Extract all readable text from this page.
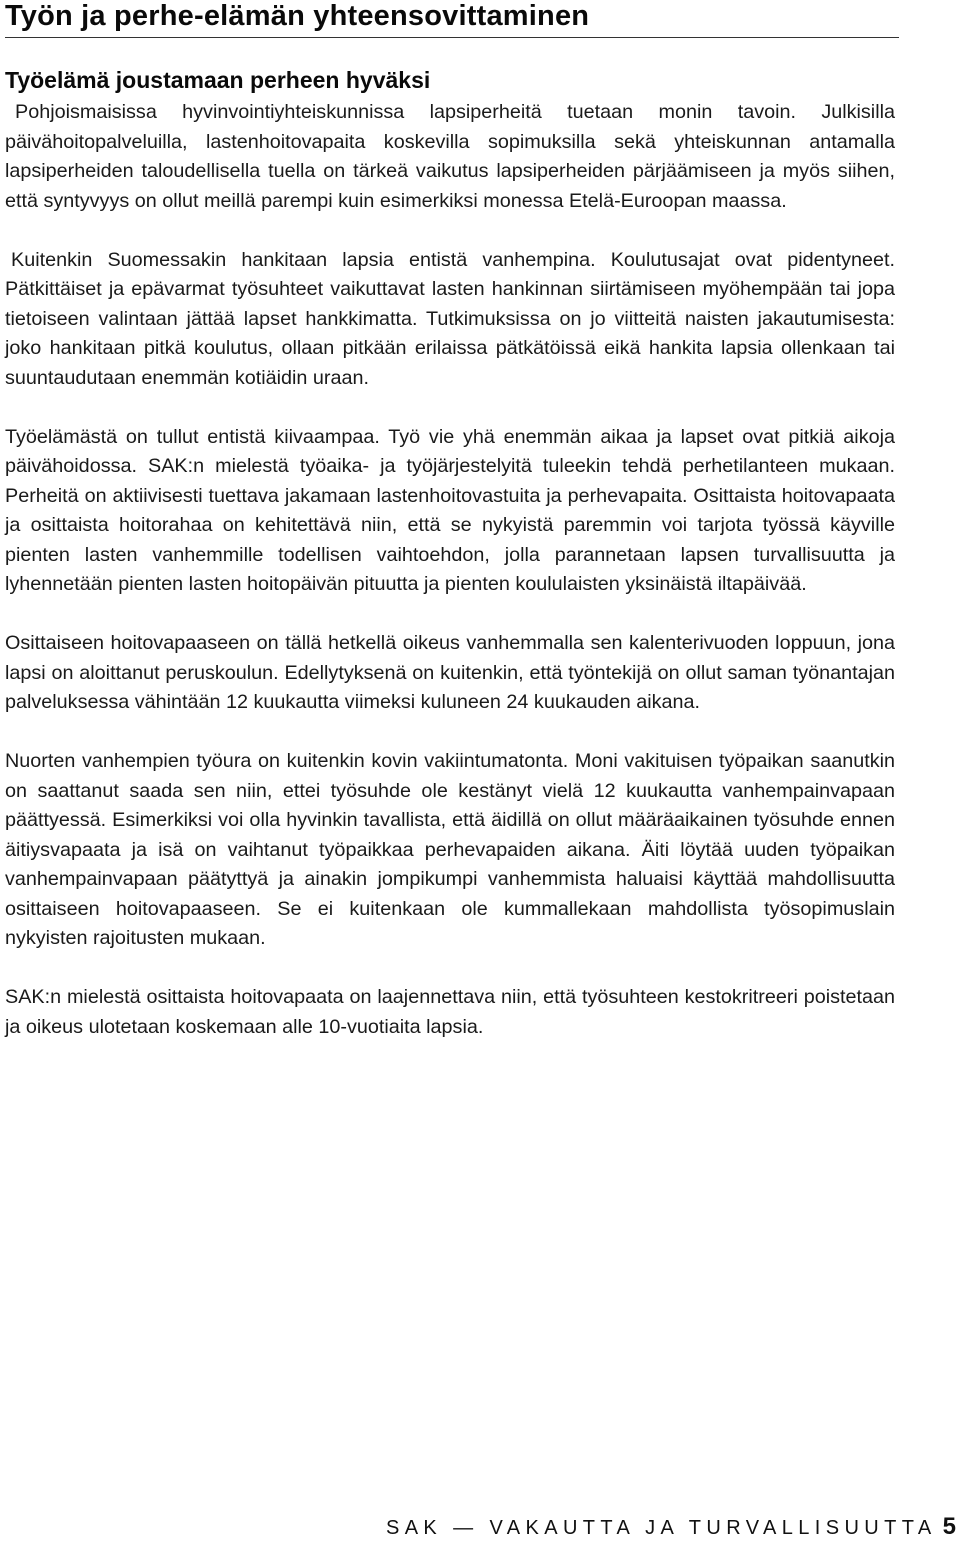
Työn ja perhe-elämän yhteensovittaminen
Työelämä joustamaan perheen hyväksi

Pohjoismaisissa hyvinvointiyhteiskunnissa lapsiperheitä tuetaan monin tavoin. Julkisilla päivähoitopalveluilla, lastenhoitovapaita koskevilla sopimuksilla sekä yhteiskunnan antamalla lapsiperheiden taloudellisella tuella on tärkeä vaikutus lapsiperheiden pärjäämiseen ja myös siihen, että syntyvyys on ollut meillä parempi kuin esimerkiksi monessa Etelä-Euroopan maassa.

Kuitenkin Suomessakin hankitaan lapsia entistä vanhempina. Koulutusajat ovat pidentyneet. Pätkittäiset ja epävarmat työsuhteet vaikuttavat lasten hankinnan siirtämiseen myöhempään tai jopa tietoiseen valintaan jättää lapset hankkimatta. Tutkimuksissa on jo viitteitä naisten jakautumisesta: joko hankitaan pitkä koulutus, ollaan pitkään erilaissa pätkätöissä eikä hankita lapsia ollenkaan tai suuntaudutaan enemmän kotiäidin uraan.

Työelämästä on tullut entistä kiivaampaa. Työ vie yhä enemmän aikaa ja lapset ovat pitkiä aikoja päivähoidossa. SAK:n mielestä työaika- ja työjärjestelyitä tuleekin tehdä perhetilanteen mukaan. Perheitä on aktiivisesti tuettava jakamaan lastenhoitovastuita ja perhevapaita. Osittaista hoitovapaata ja osittaista hoitorahaa on kehitettävä niin, että se nykyistä paremmin voi tarjota työssä käyville pienten lasten vanhemmille todellisen vaihtoehdon, jolla parannetaan lapsen turvallisuutta ja lyhennetään pienten lasten hoitopäivän pituutta ja pienten koululaisten yksinäistä iltapäivää.

Osittaiseen hoitovapaaseen on tällä hetkellä oikeus vanhemmalla sen kalenterivuoden loppuun, jona lapsi on aloittanut peruskoulun. Edellytyksenä on kuitenkin, että työntekijä on ollut saman työnantajan palveluksessa vähintään 12 kuukautta viimeksi kuluneen 24 kuukauden aikana.

Nuorten vanhempien työura on kuitenkin kovin vakiintumatonta. Moni vakituisen työpaikan saanutkin on saattanut saada sen niin, ettei työsuhde ole kestänyt vielä 12 kuukautta vanhempainvapaan päättyessä. Esimerkiksi voi olla hyvinkin tavallista, että äidillä on ollut määräaikainen työsuhde ennen äitiysvapaata ja isä on vaihtanut työpaikkaa perhevapaiden aikana. Äiti löytää uuden työpaikan vanhempainvapaan päätyttyä ja ainakin jompikumpi vanhemmista haluaisi käyttää mahdollisuutta osittaiseen hoitovapaaseen. Se ei kuitenkaan ole kummallekaan mahdollista työsopimuslain nykyisten rajoitusten mukaan.

SAK:n mielestä osittaista hoitovapaata on laajennettava niin, että työsuhteen kestokritreeri poistetaan ja oikeus ulotetaan koskemaan alle 10-vuotiaita lapsia.

SAK — VAKAUTTA JA TURVALLISUUTTA 5
